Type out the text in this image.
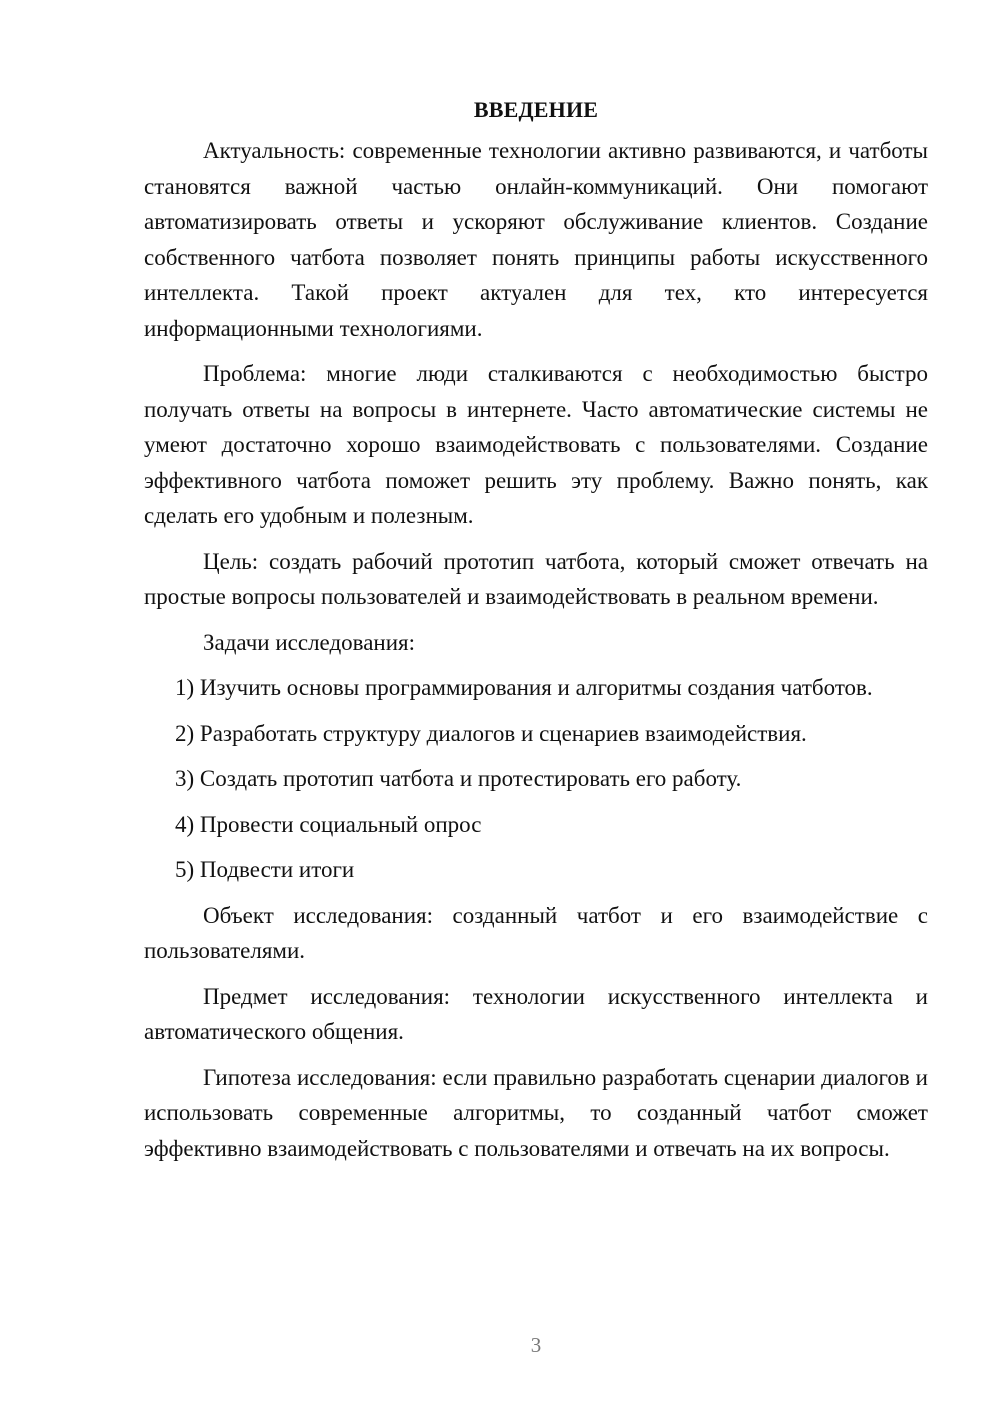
ВВЕДЕНИЕ

Актуальность: современные технологии активно развиваются, и чатботы становятся важной частью онлайн-коммуникаций. Они помогают автоматизировать ответы и ускоряют обслуживание клиентов. Создание собственного чатбота позволяет понять принципы работы искусственного интеллекта. Такой проект актуален для тех, кто интересуется информационными технологиями.

Проблема: многие люди сталкиваются с необходимостью быстро получать ответы на вопросы в интернете. Часто автоматические системы не умеют достаточно хорошо взаимодействовать с пользователями. Создание эффективного чатбота поможет решить эту проблему. Важно понять, как сделать его удобным и полезным.

Цель: создать рабочий прототип чатбота, который сможет отвечать на простые вопросы пользователей и взаимодействовать в реальном времени.

Задачи исследования:

1) Изучить основы программирования и алгоритмы создания чатботов.

2) Разработать структуру диалогов и сценариев взаимодействия.

3) Создать прототип чатбота и протестировать его работу.

4) Провести социальный опрос

5) Подвести итоги

Объект исследования: созданный чатбот и его взаимодействие с пользователями.

Предмет исследования: технологии искусственного интеллекта и автоматического общения.

Гипотеза исследования: если правильно разработать сценарии диалогов и использовать современные алгоритмы, то созданный чатбот сможет эффективно взаимодействовать с пользователями и отвечать на их вопросы.

3
